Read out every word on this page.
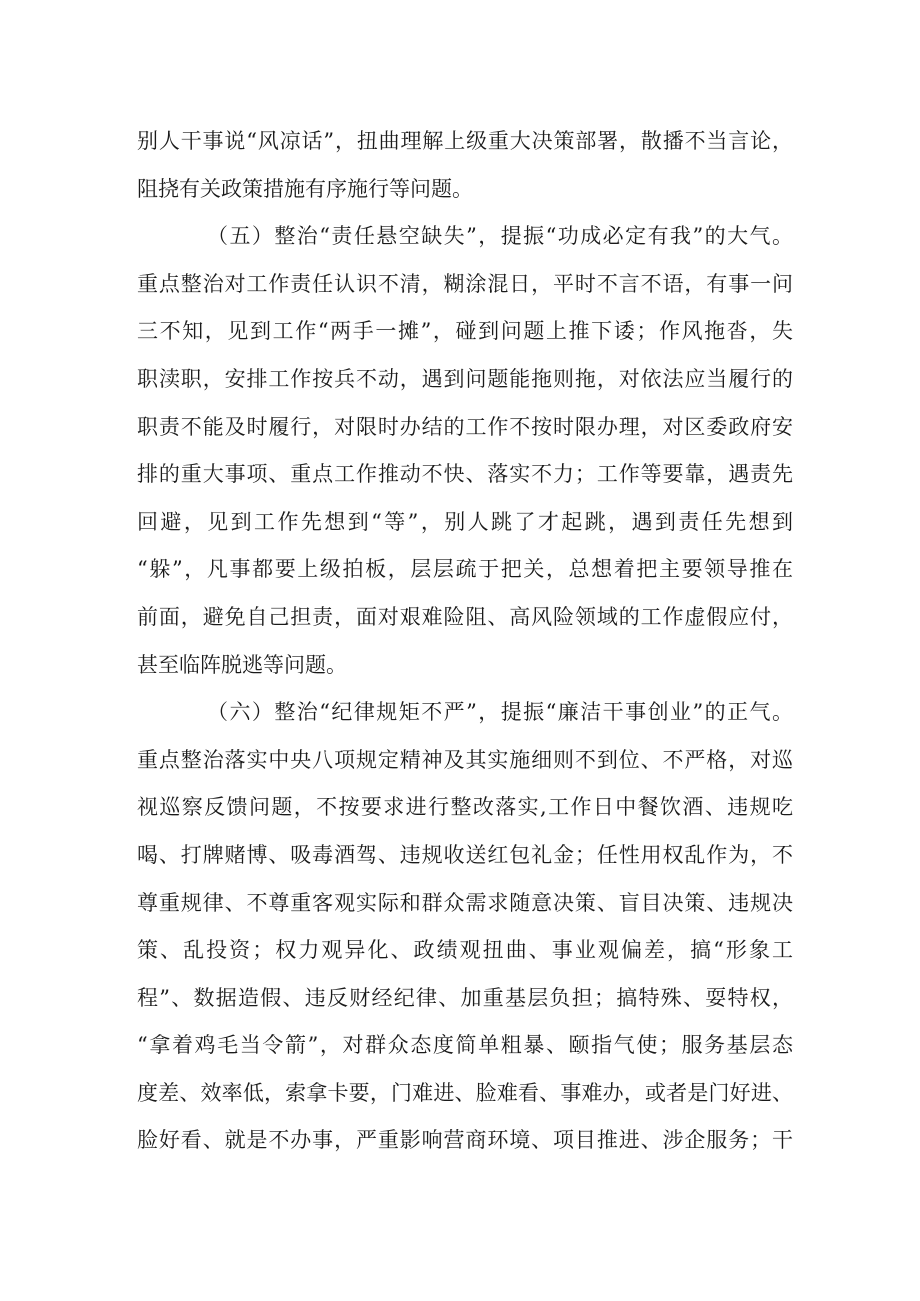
别人干事说“风凉话”，扭曲理解上级重大决策部署，散播不当言论，
阻挠有关政策措施有序施行等问题。
（五）整治“责任悬空缺失”，提振“功成必定有我”的大气。
重点整治对工作责任认识不清，糊涂混日，平时不言不语，有事一问
三不知，见到工作“两手一摊”，碰到问题上推下诿；作风拖沓，失
职渎职，安排工作按兵不动，遇到问题能拖则拖，对依法应当履行的
职责不能及时履行，对限时办结的工作不按时限办理，对区委政府安
排的重大事项、重点工作推动不快、落实不力；工作等要靠，遇责先
回避，见到工作先想到“等”，别人跳了才起跳，遇到责任先想到
“躲”，凡事都要上级拍板，层层疏于把关，总想着把主要领导推在
前面，避免自己担责，面对艰难险阻、高风险领域的工作虚假应付，
甚至临阵脱逃等问题。
（六）整治“纪律规矩不严”，提振“廉洁干事创业”的正气。
重点整治落实中央八项规定精神及其实施细则不到位、不严格，对巡
视巡察反馈问题，不按要求进行整改落实,工作日中餐饮酒、违规吃
喝、打牌赌博、吸毒酒驾、违规收送红包礼金；任性用权乱作为，不
尊重规律、不尊重客观实际和群众需求随意决策、盲目决策、违规决
策、乱投资；权力观异化、政绩观扭曲、事业观偏差，搞“形象工
程”、数据造假、违反财经纪律、加重基层负担；搞特殊、耍特权，
“拿着鸡毛当令箭”，对群众态度简单粗暴、颐指气使；服务基层态
度差、效率低，索拿卡要，门难进、脸难看、事难办，或者是门好进、
脸好看、就是不办事，严重影响营商环境、项目推进、涉企服务；干
